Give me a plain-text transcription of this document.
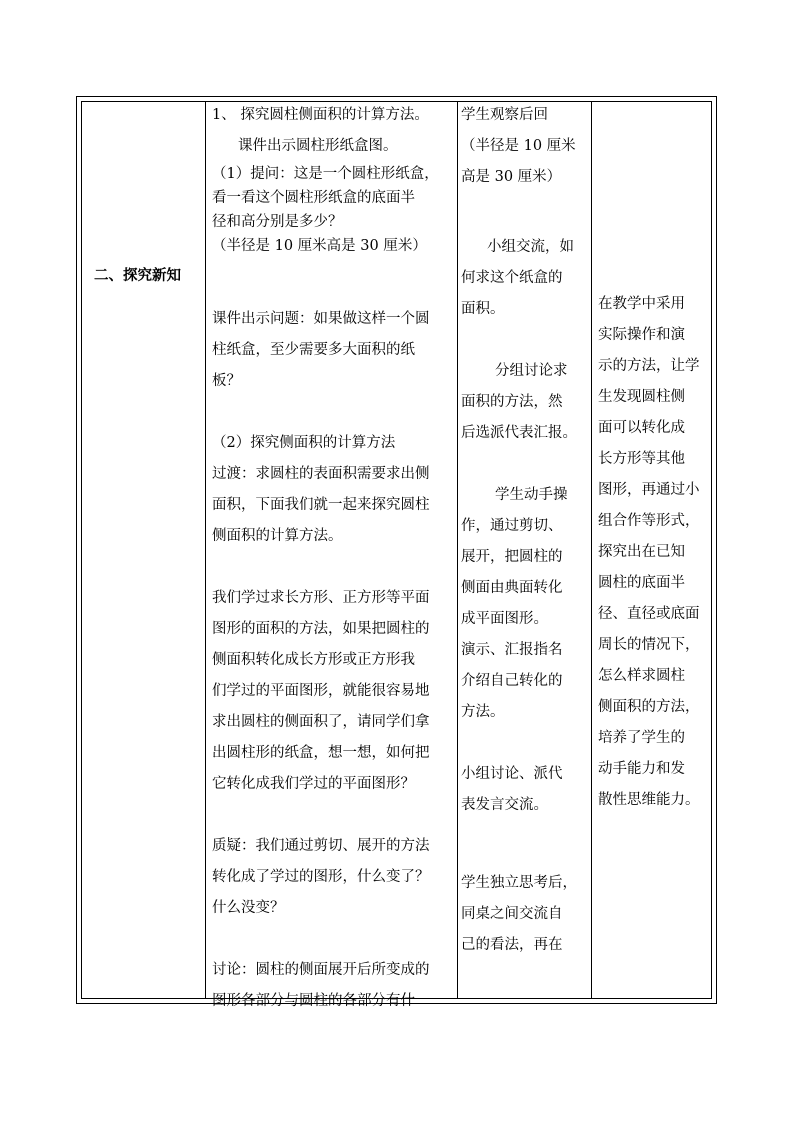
二、探究新知

1、 探究圆柱侧面积的计算方法。

课件出示圆柱形纸盒图。

（1）提问：这是一个圆柱形纸盒，

看一看这个圆柱形纸盒的底面半

径和高分别是多少？

（半径是 10 厘米高是 30 厘米）

课件出示问题：如果做这样一个圆

柱纸盒，至少需要多大面积的纸

板？

（2）探究侧面积的计算方法

过渡：求圆柱的表面积需要求出侧

面积，下面我们就一起来探究圆柱

侧面积的计算方法。

我们学过求长方形、正方形等平面

图形的面积的方法，如果把圆柱的

侧面积转化成长方形或正方形我

们学过的平面图形，就能很容易地

求出圆柱的侧面积了，请同学们拿

出圆柱形的纸盒，想一想，如何把

它转化成我们学过的平面图形？

质疑：我们通过剪切、展开的方法

转化成了学过的图形，什么变了？

什么没变？

讨论：圆柱的侧面展开后所变成的

图形各部分与圆柱的各部分有什

学生观察后回

（半径是 10 厘米

高是 30 厘米）

小组交流，如

何求这个纸盒的

面积。

分组讨论求

面积的方法，然

后选派代表汇报。

学生动手操

作，通过剪切、

展开，把圆柱的

侧面由典面转化

成平面图形。

演示、汇报指名

介绍自己转化的

方法。

小组讨论、派代

表发言交流。

学生独立思考后，

同桌之间交流自

己的看法，再在

在教学中采用

实际操作和演

示的方法，让学

生发现圆柱侧

面可以转化成

长方形等其他

图形，再通过小

组合作等形式，

探究出在已知

圆柱的底面半

径、直径或底面

周长的情况下，

怎么样求圆柱

侧面积的方法，

培养了学生的

动手能力和发

散性思维能力。
